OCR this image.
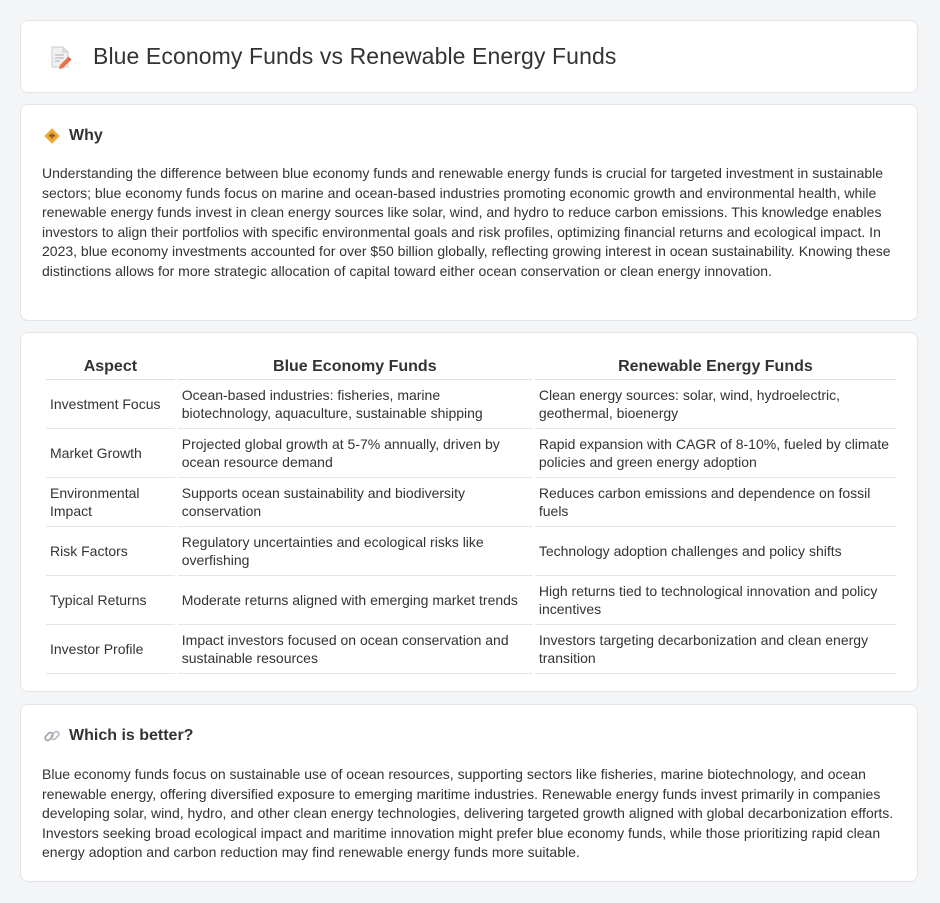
Blue Economy Funds vs Renewable Energy Funds
Why

Understanding the difference between blue economy funds and renewable energy funds is crucial for targeted investment in sustainable sectors; blue economy funds focus on marine and ocean-based industries promoting economic growth and environmental health, while renewable energy funds invest in clean energy sources like solar, wind, and hydro to reduce carbon emissions. This knowledge enables investors to align their portfolios with specific environmental goals and risk profiles, optimizing financial returns and ecological impact. In 2023, blue economy investments accounted for over $50 billion globally, reflecting growing interest in ocean sustainability. Knowing these distinctions allows for more strategic allocation of capital toward either ocean conservation or clean energy innovation.

Aspect	Blue Economy Funds	Renewable Energy Funds
Investment Focus	Ocean-based industries: fisheries, marine biotechnology, aquaculture, sustainable shipping	Clean energy sources: solar, wind, hydroelectric, geothermal, bioenergy
Market Growth	Projected global growth at 5-7% annually, driven by ocean resource demand	Rapid expansion with CAGR of 8-10%, fueled by climate policies and green energy adoption
Environmental Impact	Supports ocean sustainability and biodiversity conservation	Reduces carbon emissions and dependence on fossil fuels
Risk Factors	Regulatory uncertainties and ecological risks like overfishing	Technology adoption challenges and policy shifts
Typical Returns	Moderate returns aligned with emerging market trends	High returns tied to technological innovation and policy incentives
Investor Profile	Impact investors focused on ocean conservation and sustainable resources	Investors targeting decarbonization and clean energy transition
Which is better?

Blue economy funds focus on sustainable use of ocean resources, supporting sectors like fisheries, marine biotechnology, and ocean renewable energy, offering diversified exposure to emerging maritime industries. Renewable energy funds invest primarily in companies developing solar, wind, hydro, and other clean energy technologies, delivering targeted growth aligned with global decarbonization efforts. Investors seeking broad ecological impact and maritime innovation might prefer blue economy funds, while those prioritizing rapid clean energy adoption and carbon reduction may find renewable energy funds more suitable.
